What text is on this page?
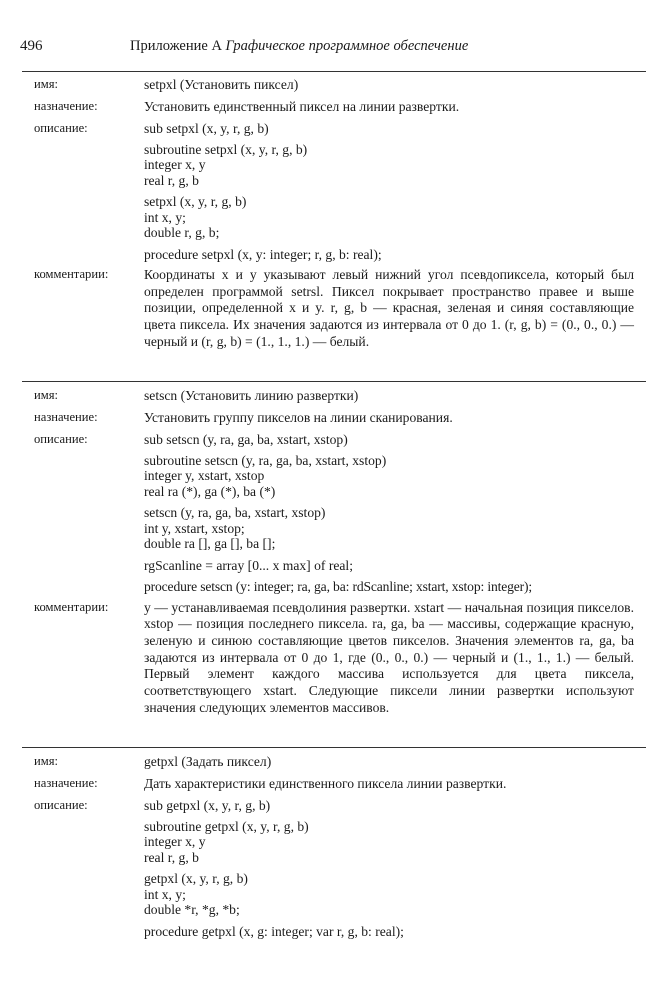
496	Приложение А Графическое программное обеспечение
имя:	setpxl (Установить пиксел)
назначение:	Установить единственный пиксел на линии развертки.
описание:	sub setpxl (x, y, r, g, b)
subroutine setpxl (x, y, r, g, b)
integer x, y
real r, g, b
setpxl (x, y, r, g, b)
int x, y;
double r, g, b;
procedure setpxl (x, y: integer; r, g, b: real);
комментарии:	Координаты x и y указывают левый нижний угол псевдопиксела, который был определен программой setrsl. Пиксел покрывает пространство правее и выше позиции, определенной x и y. r, g, b — красная, зеленая и синяя составляющие цвета пиксела. Их значения задаются из интервала от 0 до 1. (r, g, b) = (0., 0., 0.) — черный и (r, g, b) = (1., 1., 1.) — белый.
имя:	setscn (Установить линию развертки)
назначение:	Установить группу пикселов на линии сканирования.
описание:	sub setscn (y, ra, ga, ba, xstart, xstop)
subroutine setscn (y, ra, ga, ba, xstart, xstop)
integer y, xstart, xstop
real ra (*), ga (*), ba (*)
setscn (y, ra, ga, ba, xstart, xstop)
int y, xstart, xstop;
double ra [], ga [], ba [];
rgScanline = array [0... x max] of real;
procedure setscn (y: integer; ra, ga, ba: rdScanline; xstart, xstop: integer);
комментарии:	y — устанавливаемая псевдолиния развертки. xstart — начальная позиция пикселов. xstop — позиция последнего пиксела. ra, ga, ba — массивы, содержащие красную, зеленую и синюю составляющие цветов пикселов. Значения элементов ra, ga, ba задаются из интервала от 0 до 1, где (0., 0., 0.) — черный и (1., 1., 1.) — белый. Первый элемент каждого массива используется для цвета пиксела, соответствующего xstart. Следующие пиксели линии развертки используют значения следующих элементов массивов.
имя:	getpxl (Задать пиксел)
назначение:	Дать характеристики единственного пиксела линии развертки.
описание:	sub getpxl (x, y, r, g, b)
subroutine getpxl (x, y, r, g, b)
integer x, y
real r, g, b
getpxl (x, y, r, g, b)
int x, y;
double *r, *g, *b;
procedure getpxl (x, g: integer; var r, g, b: real);
